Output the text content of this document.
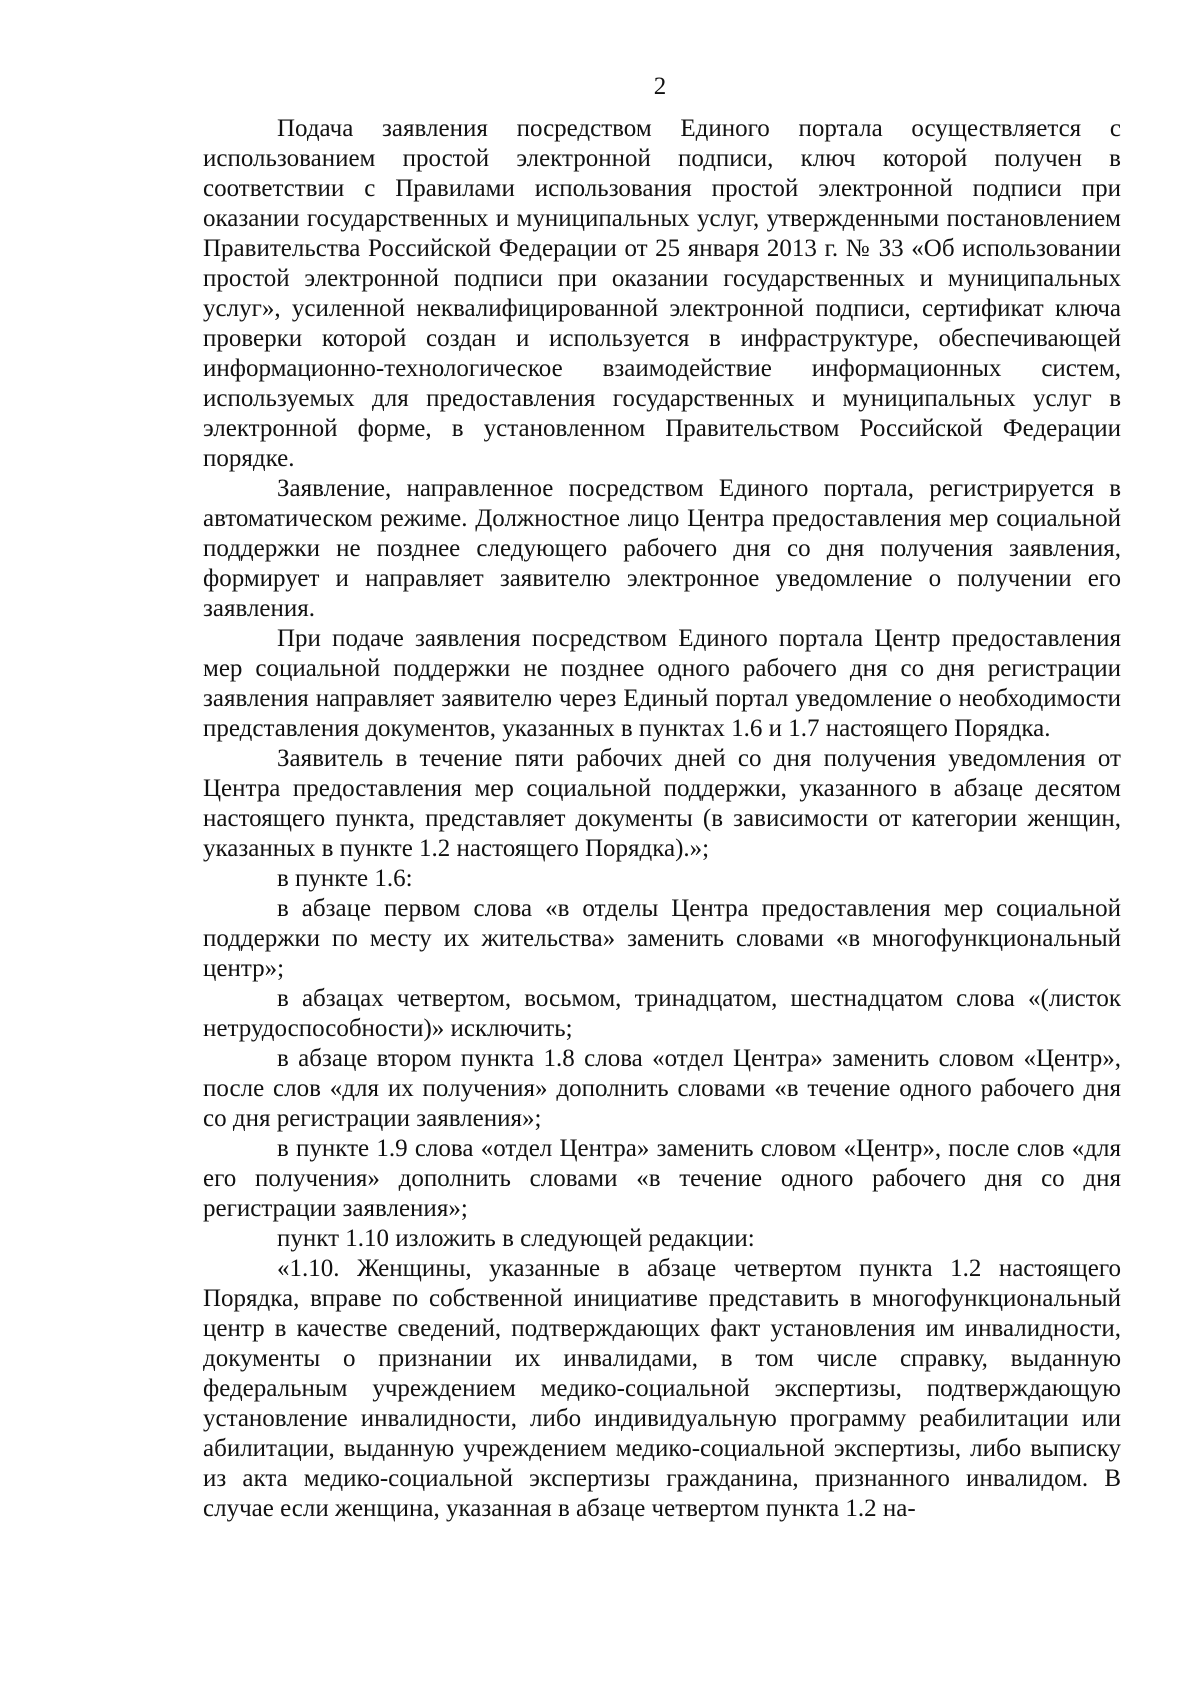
2

Подача заявления посредством Единого портала осуществляется с использованием простой электронной подписи, ключ которой получен в соответствии с Правилами использования простой электронной подписи при оказании государственных и муниципальных услуг, утвержденными постановлением Правительства Российской Федерации от 25 января 2013 г. № 33 «Об использовании простой электронной подписи при оказании государственных и муниципальных услуг», усиленной неквалифицированной электронной подписи, сертификат ключа проверки которой создан и используется в инфраструктуре, обеспечивающей информационно-технологическое взаимодействие информационных систем, используемых для предоставления государственных и муниципальных услуг в электронной форме, в установленном Правительством Российской Федерации порядке.

Заявление, направленное посредством Единого портала, регистрируется в автоматическом режиме. Должностное лицо Центра предоставления мер социальной поддержки не позднее следующего рабочего дня со дня получения заявления, формирует и направляет заявителю электронное уведомление о получении его заявления.

При подаче заявления посредством Единого портала Центр предоставления мер социальной поддержки не позднее одного рабочего дня со дня регистрации заявления направляет заявителю через Единый портал уведомление о необходимости представления документов, указанных в пунктах 1.6 и 1.7 настоящего Порядка.

Заявитель в течение пяти рабочих дней со дня получения уведомления от Центра предоставления мер социальной поддержки, указанного в абзаце десятом настоящего пункта, представляет документы (в зависимости от категории женщин, указанных в пункте 1.2 настоящего Порядка).»;

в пункте 1.6:

в абзаце первом слова «в отделы Центра предоставления мер социальной поддержки по месту их жительства» заменить словами «в многофункциональный центр»;

в абзацах четвертом, восьмом, тринадцатом, шестнадцатом слова «(листок нетрудоспособности)» исключить;

в абзаце втором пункта 1.8 слова «отдел Центра» заменить словом «Центр», после слов «для их получения» дополнить словами «в течение одного рабочего дня со дня регистрации заявления»;

в пункте 1.9 слова «отдел Центра» заменить словом «Центр», после слов «для его получения» дополнить словами «в течение одного рабочего дня со дня регистрации заявления»;

пункт 1.10 изложить в следующей редакции:

«1.10. Женщины, указанные в абзаце четвертом пункта 1.2 настоящего Порядка, вправе по собственной инициативе представить в многофункциональный центр в качестве сведений, подтверждающих факт установления им инвалидности, документы о признании их инвалидами, в том числе справку, выданную федеральным учреждением медико-социальной экспертизы, подтверждающую установление инвалидности, либо индивидуальную программу реабилитации или абилитации, выданную учреждением медико-социальной экспертизы, либо выписку из акта медико-социальной экспертизы гражданина, признанного инвалидом. В случае если женщина, указанная в абзаце четвертом пункта 1.2 на-
